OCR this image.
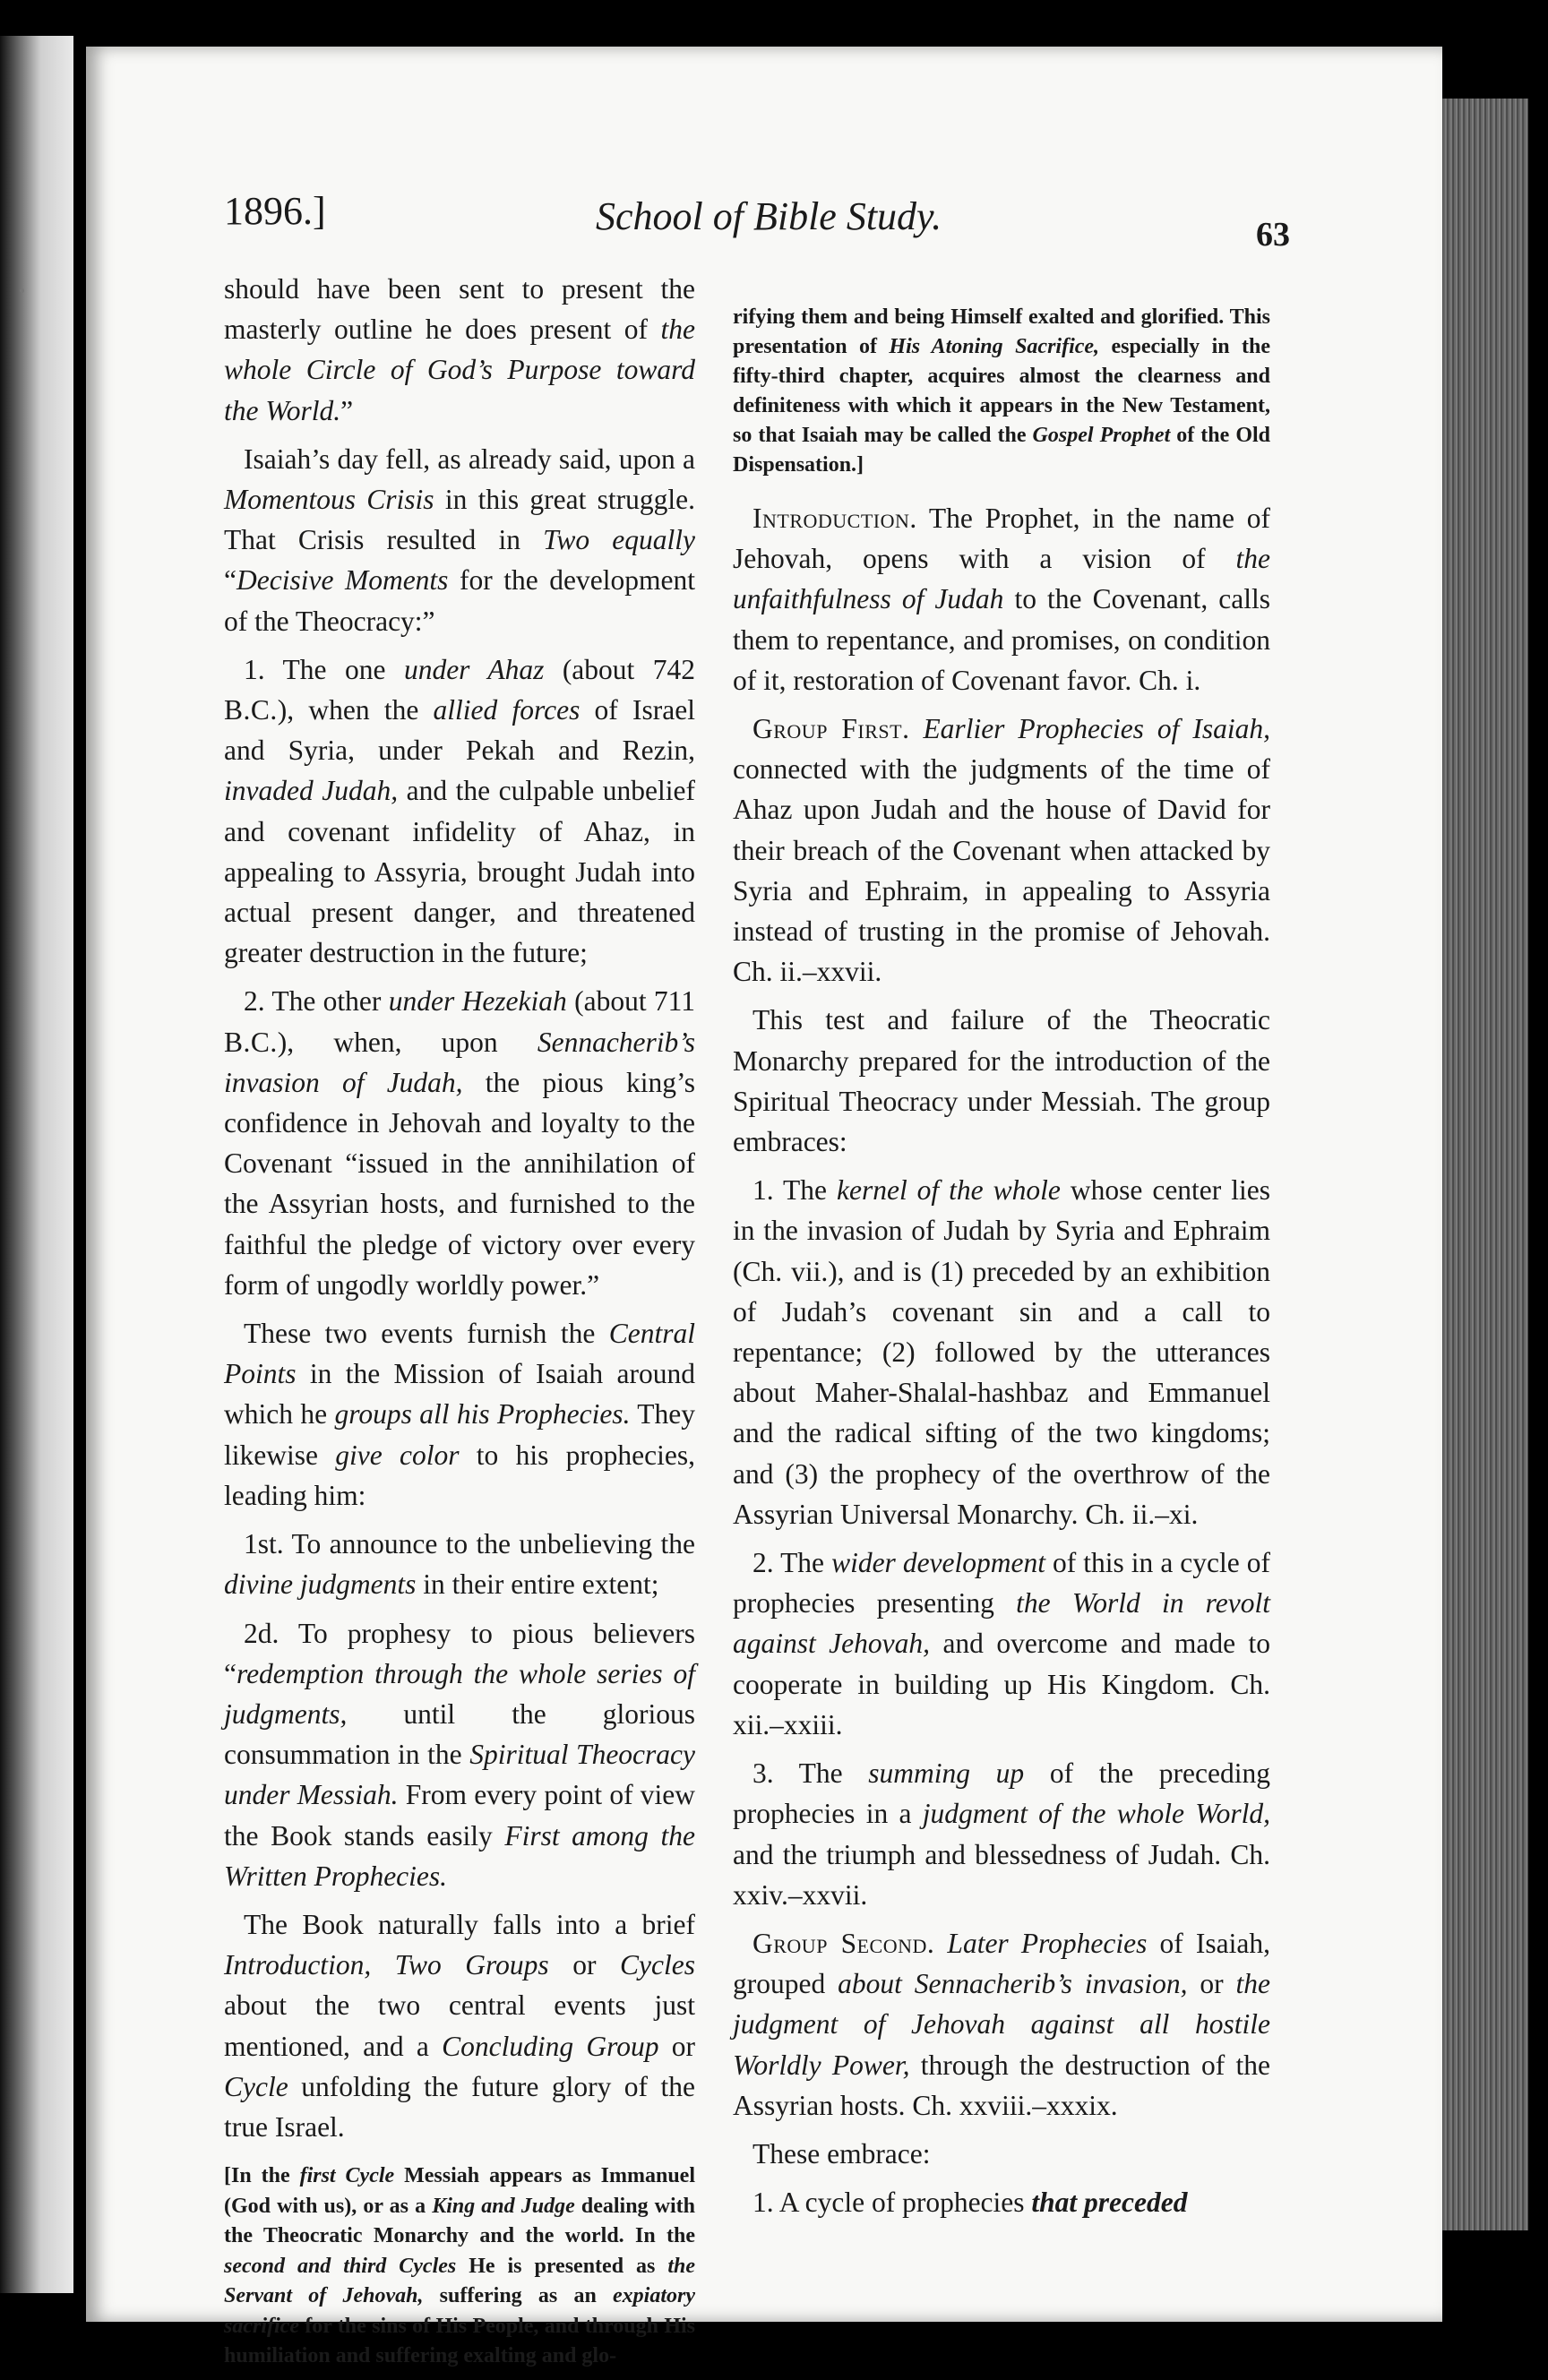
1896.]	School of Bible Study.	63

should have been sent to present the masterly outline he does present of the whole Circle of God’s Purpose toward the World.”

Isaiah’s day fell, as already said, upon a Momentous Crisis in this great struggle. That Crisis resulted in Two equally “Decisive Moments for the development of the Theocracy:”

1. The one under Ahaz (about 742 B.C.), when the allied forces of Israel and Syria, under Pekah and Rezin, invaded Judah, and the culpable unbelief and covenant infidelity of Ahaz, in appealing to Assyria, brought Judah into actual present danger, and threatened greater destruction in the future;

2. The other under Hezekiah (about 711 B.C.), when, upon Sennacherib’s invasion of Judah, the pious king’s confidence in Jehovah and loyalty to the Covenant “issued in the annihilation of the Assyrian hosts, and furnished to the faithful the pledge of victory over every form of ungodly worldly power.”

These two events furnish the Central Points in the Mission of Isaiah around which he groups all his Prophecies. They likewise give color to his prophecies, leading him:

1st. To announce to the unbelieving the divine judgments in their entire extent;

2d. To prophesy to pious believers “redemption through the whole series of judgments, until the glorious consummation in the Spiritual Theocracy under Messiah. From every point of view the Book stands easily First among the Written Prophecies.

The Book naturally falls into a brief Introduction, Two Groups or Cycles about the two central events just mentioned, and a Concluding Group or Cycle unfolding the future glory of the true Israel.

[In the first Cycle Messiah appears as Immanuel (God with us), or as a King and Judge dealing with the Theocratic Monarchy and the world. In the second and third Cycles He is presented as the Servant of Jehovah, suffering as an expiatory sacrifice for the sins of His People, and through His humiliation and suffering exalting and glo-

rifying them and being Himself exalted and glorified. This presentation of His Atoning Sacrifice, especially in the fifty-third chapter, acquires almost the clearness and definiteness with which it appears in the New Testament, so that Isaiah may be called the Gospel Prophet of the Old Dispensation.]

Introduction. The Prophet, in the name of Jehovah, opens with a vision of the unfaithfulness of Judah to the Covenant, calls them to repentance, and promises, on condition of it, restoration of Covenant favor. Ch. i.

Group First. Earlier Prophecies of Isaiah, connected with the judgments of the time of Ahaz upon Judah and the house of David for their breach of the Covenant when attacked by Syria and Ephraim, in appealing to Assyria instead of trusting in the promise of Jehovah. Ch. ii.–xxvii.

This test and failure of the Theocratic Monarchy prepared for the introduction of the Spiritual Theocracy under Messiah. The group embraces:

1. The kernel of the whole whose center lies in the invasion of Judah by Syria and Ephraim (Ch. vii.), and is (1) preceded by an exhibition of Judah’s covenant sin and a call to repentance; (2) followed by the utterances about Maher-Shalal-hashbaz and Emmanuel and the radical sifting of the two kingdoms; and (3) the prophecy of the overthrow of the Assyrian Universal Monarchy. Ch. ii.–xi.

2. The wider development of this in a cycle of prophecies presenting the World in revolt against Jehovah, and overcome and made to cooperate in building up His Kingdom. Ch. xii.–xxiii.

3. The summing up of the preceding prophecies in a judgment of the whole World, and the triumph and blessedness of Judah. Ch. xxiv.–xxvii.

Group Second. Later Prophecies of Isaiah, grouped about Sennacherib’s invasion, or the judgment of Jehovah against all hostile Worldly Power, through the destruction of the Assyrian hosts. Ch. xxviii.–xxxix.

These embrace:

1. A cycle of prophecies that preceded
